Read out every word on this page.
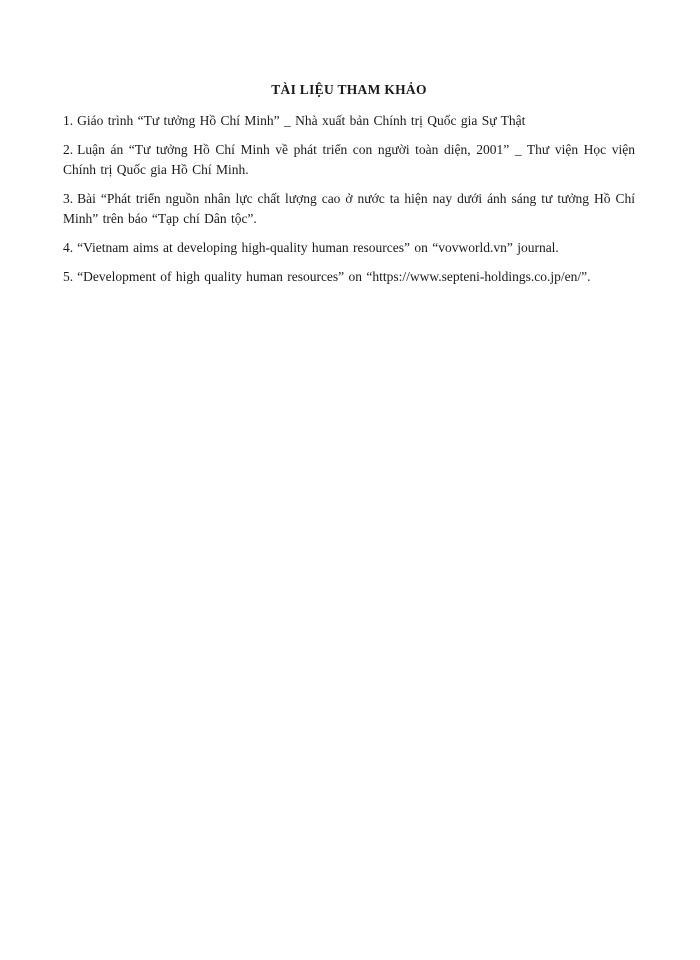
TÀI LIỆU THAM KHẢO

1. Giáo trình “Tư tưởng Hồ Chí Minh” _ Nhà xuất bản Chính trị Quốc gia Sự Thật

2. Luận án “Tư tưởng Hồ Chí Minh về phát triển con người toàn diện, 2001” _ Thư viện Học viện Chính trị Quốc gia Hồ Chí Minh.

3. Bài “Phát triển nguồn nhân lực chất lượng cao ở nước ta hiện nay dưới ánh sáng tư tưởng Hồ Chí Minh” trên báo “Tạp chí Dân tộc”.

4. “Vietnam aims at developing high-quality human resources” on “vovworld.vn” journal.

5. “Development of high quality human resources” on “https://www.septeni-holdings.co.jp/en/”.
